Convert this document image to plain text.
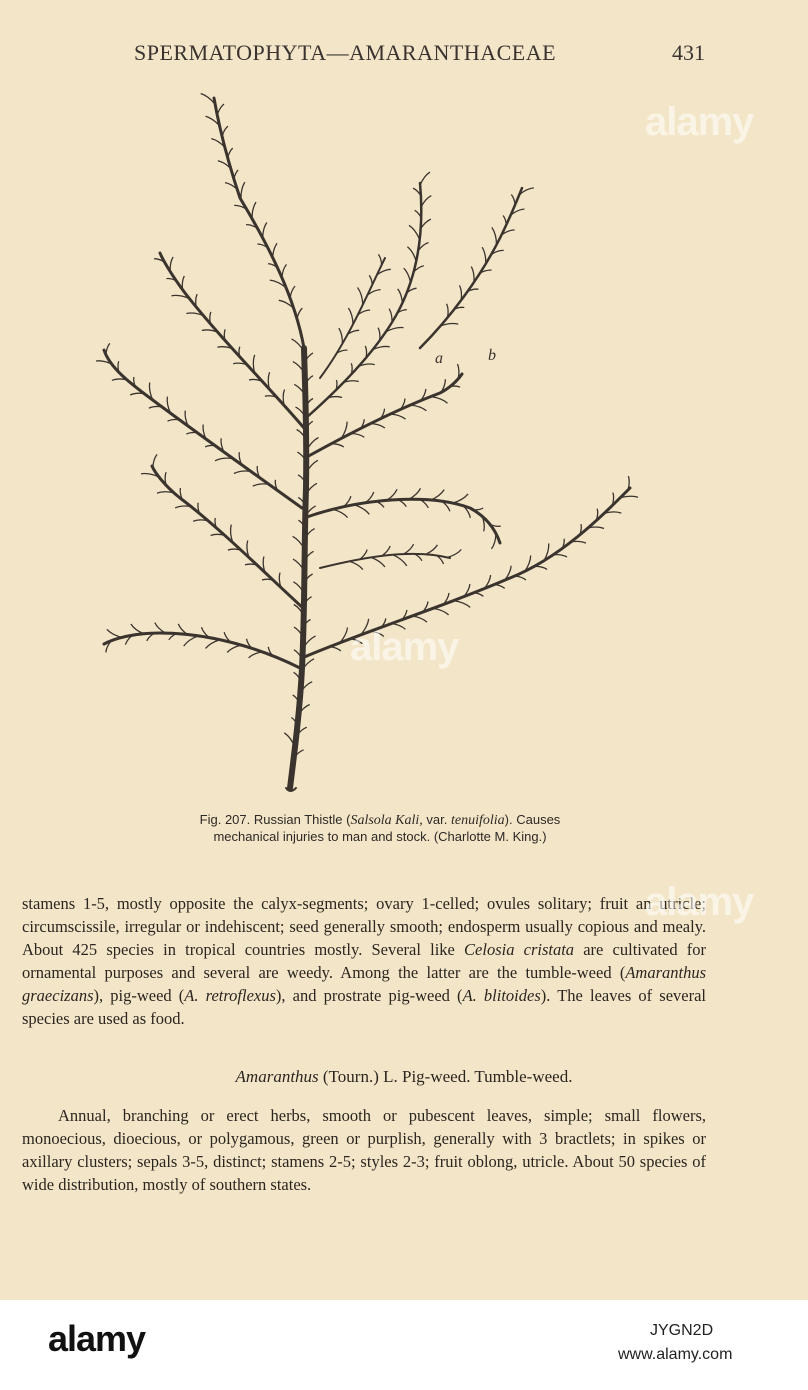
SPERMATOPHYTA—AMARANTHACEAE	431
a	b
Fig. 207. Russian Thistle (Salsola Kali, var. tenuifolia). Causes
mechanical injuries to man and stock. (Charlotte M. King.)
stamens 1-5, mostly opposite the calyx-segments; ovary 1-celled; ovules solitary; fruit an utricle; circumscissile, irregular or indehiscent; seed generally smooth; endosperm usually copious and mealy. About 425 species in tropical countries mostly. Several like Celosia cristata are cultivated for ornamental purposes and several are weedy. Among the latter are the tumble-weed (Amaranthus graecizans), pig-weed (A. retroflexus), and prostrate pig-weed (A. blitoides). The leaves of several species are used as food.
Amaranthus (Tourn.) L. Pig-weed. Tumble-weed.
Annual, branching or erect herbs, smooth or pubescent leaves, simple; small flowers, monoecious, dioecious, or polygamous, green or purplish, generally with 3 bractlets; in spikes or axillary clusters; sepals 3-5, distinct; stamens 2-5; styles 2-3; fruit oblong, utricle. About 50 species of wide distribution, mostly of southern states.
alamy
alamy
alamy
alamy	JYGN2D
www.alamy.com
